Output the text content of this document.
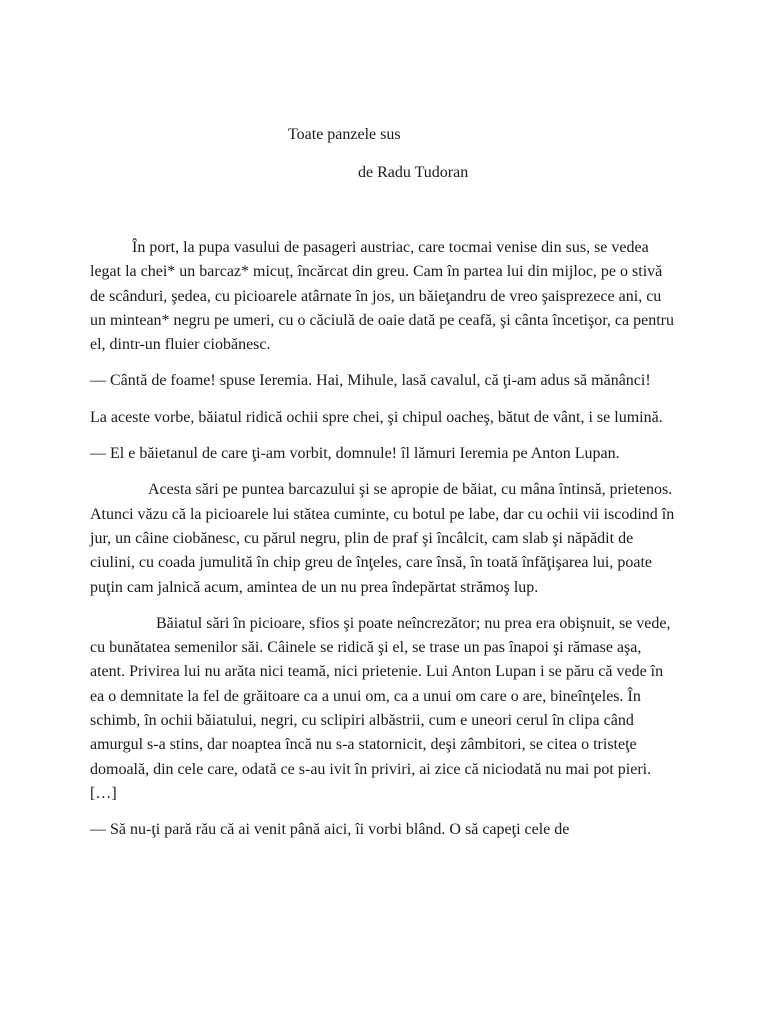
Toate panzele sus
de Radu Tudoran

În port, la pupa vasului de pasageri austriac, care tocmai venise din sus, se vedea legat la chei* un barcaz* micuț, încărcat din greu. Cam în partea lui din mijloc, pe o stivă de scânduri, şedea, cu picioarele atârnate în jos, un băieţandru de vreo şaisprezece ani, cu un mintean* negru pe umeri, cu o căciulă de oaie dată pe ceafă, şi cânta încetişor, ca pentru el, dintr-un fluier ciobănesc.

— Cântă de foame! spuse Ieremia. Hai, Mihule, lasă cavalul, că ţi-am adus să mănânci!

La aceste vorbe, băiatul ridică ochii spre chei, şi chipul oacheş, bătut de vânt, i se lumină.

— El e băietanul de care ţi-am vorbit, domnule! îl lămuri Ieremia pe Anton Lupan.

Acesta sări pe puntea barcazului şi se apropie de băiat, cu mâna întinsă, prietenos. Atunci văzu că la picioarele lui stătea cuminte, cu botul pe labe, dar cu ochii vii iscodind în jur, un câine ciobănesc, cu părul negru, plin de praf şi încâlcit, cam slab şi năpădit de ciulini, cu coada jumulită în chip greu de înţeles, care însă, în toată înfăţişarea lui, poate puţin cam jalnică acum, amintea de un nu prea îndepărtat strămoş lup.

Băiatul sări în picioare, sfios şi poate neîncrezător; nu prea era obişnuit, se vede, cu bunătatea semenilor săi. Câinele se ridică şi el, se trase un pas înapoi şi rămase aşa, atent. Privirea lui nu arăta nici teamă, nici prietenie. Lui Anton Lupan i se păru că vede în ea o demnitate la fel de grăitoare ca a unui om, ca a unui om care o are, bineînţeles. În schimb, în ochii băiatului, negri, cu sclipiri albăstrii, cum e uneori cerul în clipa când amurgul s-a stins, dar noaptea încă nu s-a statornicit, deşi zâmbitori, se citea o tristeţe domoală, din cele care, odată ce s-au ivit în priviri, ai zice că niciodată nu mai pot pieri. […]

— Să nu-ţi pară rău că ai venit până aici, îi vorbi blând. O să capeţi cele de
